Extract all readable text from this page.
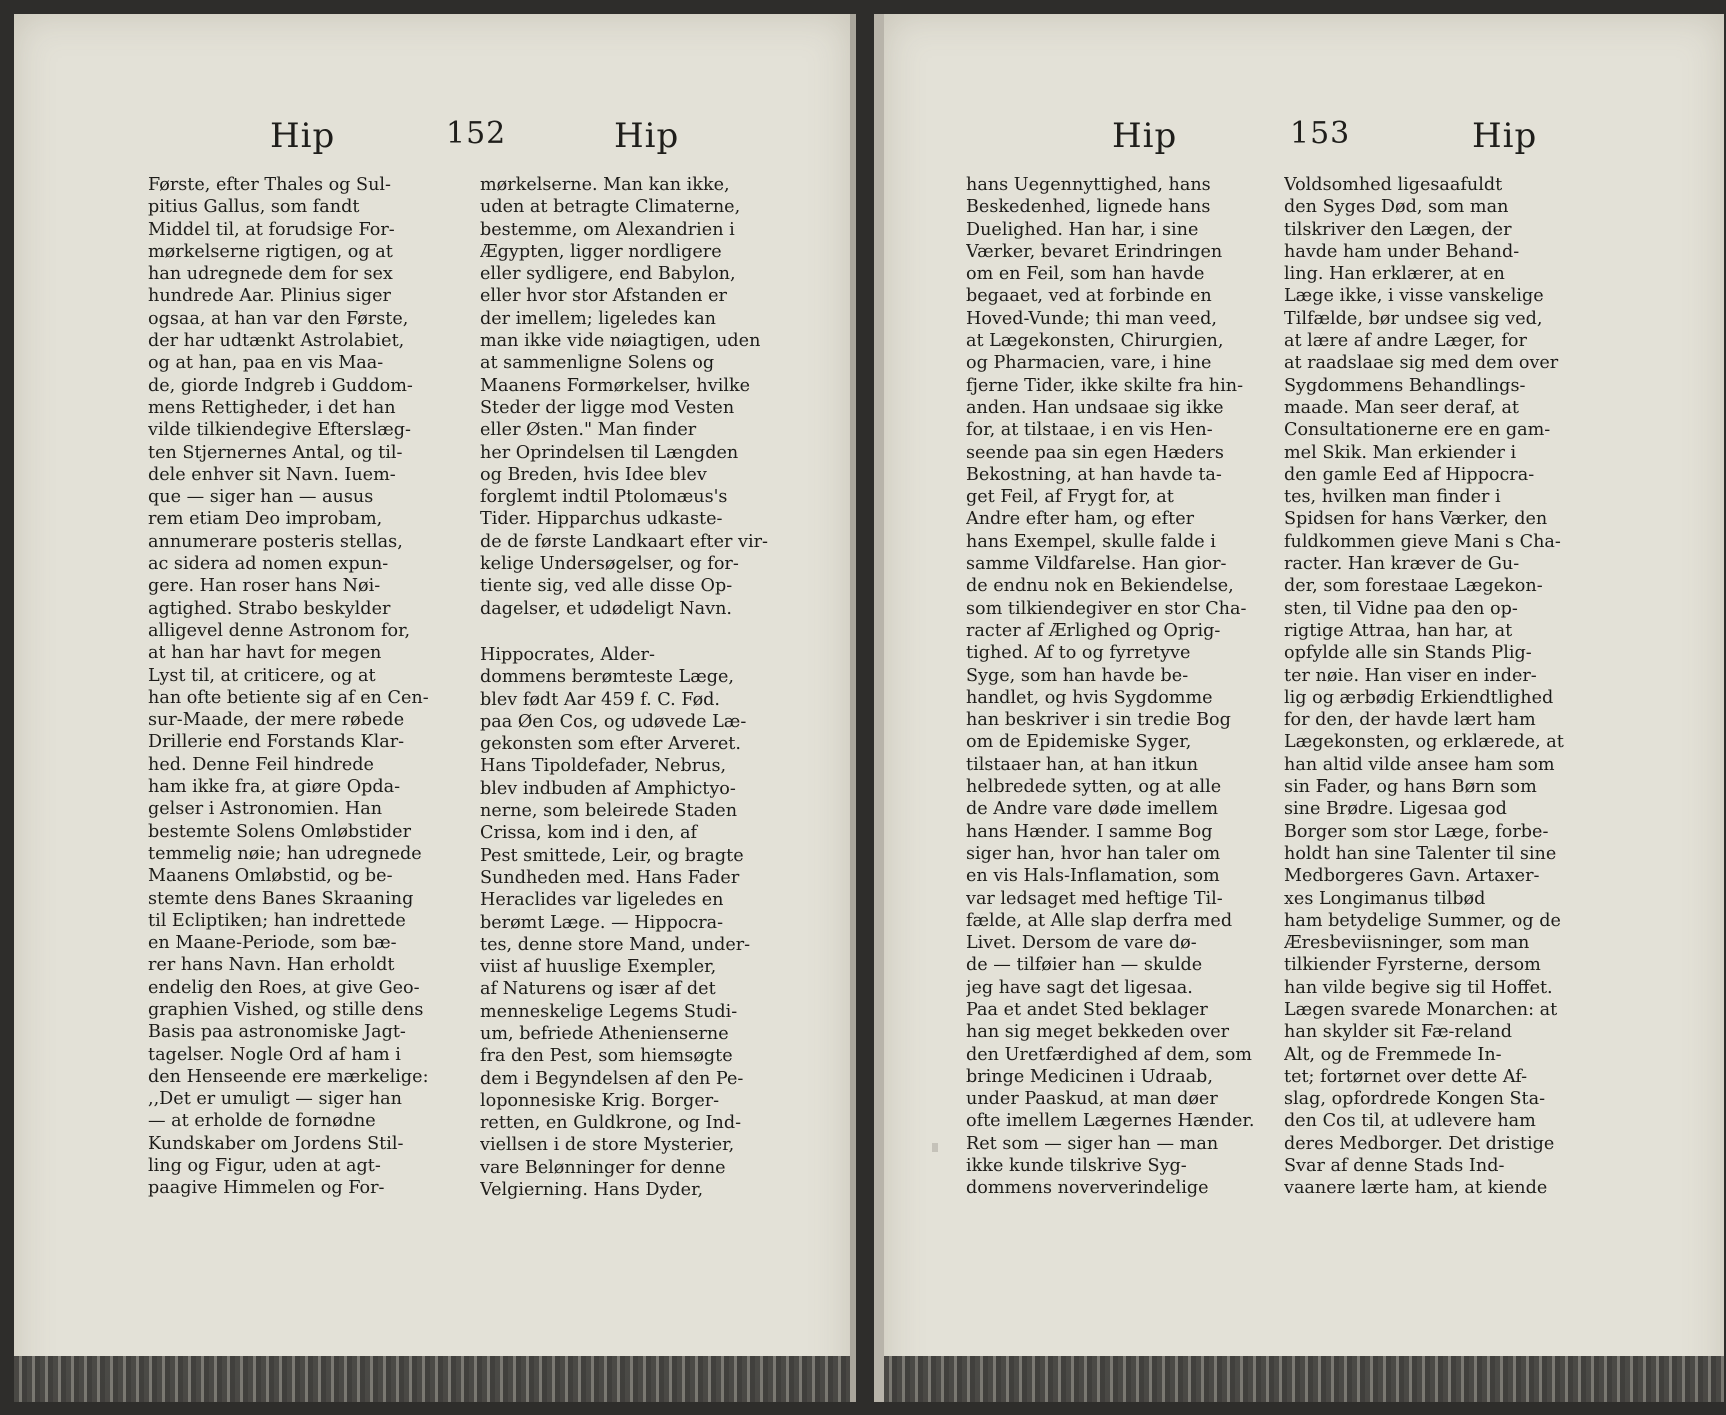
Hip	152	Hip
Første, efter Thales og Sul-
pitius Gallus, som fandt
Middel til, at forudsige For-
mørkelserne rigtigen, og at
han udregnede dem for sex
hundrede Aar. Plinius siger
ogsaa, at han var den Første,
der har udtænkt Astrolabiet,
og at han, paa en vis Maa-
de, giorde Indgreb i Guddom-
mens Rettigheder, i det han
vilde tilkiendegive Efterslæg-
ten Stjernernes Antal, og til-
dele enhver sit Navn. Iuem-
que — siger han — ausus
rem etiam Deo improbam,
annumerare posteris stellas,
ac sidera ad nomen expun-
gere. Han roser hans Nøi-
agtighed. Strabo beskylder
alligevel denne Astronom for,
at han har havt for megen
Lyst til, at criticere, og at
han ofte betiente sig af en Cen-
sur-Maade, der mere røbede
Drillerie end Forstands Klar-
hed. Denne Feil hindrede
ham ikke fra, at giøre Opda-
gelser i Astronomien. Han
bestemte Solens Omløbstider
temmelig nøie; han udregnede
Maanens Omløbstid, og be-
stemte dens Banes Skraaning
til Ecliptiken; han indrettede
en Maane-Periode, som bæ-
rer hans Navn. Han erholdt
endelig den Roes, at give Geo-
graphien Vished, og stille dens
Basis paa astronomiske Jagt-
tagelser. Nogle Ord af ham i
den Henseende ere mærkelige:
,,Det er umuligt — siger han
— at erholde de fornødne
Kundskaber om Jordens Stil-
ling og Figur, uden at agt-
paagive Himmelen og For-
mørkelserne. Man kan ikke,
uden at betragte Climaterne,
bestemme, om Alexandrien i
Ægypten, ligger nordligere
eller sydligere, end Babylon,
eller hvor stor Afstanden er
der imellem; ligeledes kan
man ikke vide nøiagtigen, uden
at sammenligne Solens og
Maanens Formørkelser, hvilke
Steder der ligge mod Vesten
eller Østen." Man finder
her Oprindelsen til Længden
og Breden, hvis Idee blev
forglemt indtil Ptolomæus's
Tider. Hipparchus udkaste-
de de første Landkaart efter vir-
kelige Undersøgelser, og for-
tiente sig, ved alle disse Op-
dagelser, et udødeligt Navn.
Hippocrates, Alder-
dommens berømteste Læge,
blev født Aar 459 f. C. Fød.
paa Øen Cos, og udøvede Læ-
gekonsten som efter Arveret.
Hans Tipoldefader, Nebrus,
blev indbuden af Amphictyo-
nerne, som beleirede Staden
Crissa, kom ind i den, af
Pest smittede, Leir, og bragte
Sundheden med. Hans Fader
Heraclides var ligeledes en
berømt Læge. — Hippocra-
tes, denne store Mand, under-
viist af huuslige Exempler,
af Naturens og især af det
menneskelige Legems Studi-
um, befriede Athenienserne
fra den Pest, som hiemsøgte
dem i Begyndelsen af den Pe-
loponnesiske Krig. Borger-
retten, en Guldkrone, og Ind-
viellsen i de store Mysterier,
vare Belønninger for denne
Velgierning. Hans Dyder,
Hip	153	Hip
hans Uegennyttighed, hans
Beskedenhed, lignede hans
Duelighed. Han har, i sine
Værker, bevaret Erindringen
om en Feil, som han havde
begaaet, ved at forbinde en
Hoved-Vunde; thi man veed,
at Lægekonsten, Chirurgien,
og Pharmacien, vare, i hine
fjerne Tider, ikke skilte fra hin-
anden. Han undsaae sig ikke
for, at tilstaae, i en vis Hen-
seende paa sin egen Hæders
Bekostning, at han havde ta-
get Feil, af Frygt for, at
Andre efter ham, og efter
hans Exempel, skulle falde i
samme Vildfarelse. Han gior-
de endnu nok en Bekiendelse,
som tilkiendegiver en stor Cha-
racter af Ærlighed og Oprig-
tighed. Af to og fyrretyve
Syge, som han havde be-
handlet, og hvis Sygdomme
han beskriver i sin tredie Bog
om de Epidemiske Syger,
tilstaaer han, at han itkun
helbredede sytten, og at alle
de Andre vare døde imellem
hans Hænder. I samme Bog
siger han, hvor han taler om
en vis Hals-Inflamation, som
var ledsaget med heftige Til-
fælde, at Alle slap derfra med
Livet. Dersom de vare dø-
de — tilføier han — skulde
jeg have sagt det ligesaa.
Paa et andet Sted beklager
han sig meget bekkeden over
den Uretfærdighed af dem, som
bringe Medicinen i Udraab,
under Paaskud, at man døer
ofte imellem Lægernes Hænder.
Ret som — siger han — man
ikke kunde tilskrive Syg-
dommens noververindelige
Voldsomhed ligesaafuldt
den Syges Død, som man
tilskriver den Lægen, der
havde ham under Behand-
ling. Han erklærer, at en
Læge ikke, i visse vanskelige
Tilfælde, bør undsee sig ved,
at lære af andre Læger, for
at raadslaae sig med dem over
Sygdommens Behandlings-
maade. Man seer deraf, at
Consultationerne ere en gam-
mel Skik. Man erkiender i
den gamle Eed af Hippocra-
tes, hvilken man finder i
Spidsen for hans Værker, den
fuldkommen gieve Mani s Cha-
racter. Han kræver de Gu-
der, som forestaae Lægekon-
sten, til Vidne paa den op-
rigtige Attraa, han har, at
opfylde alle sin Stands Plig-
ter nøie. Han viser en inder-
lig og ærbødig Erkiendtlighed
for den, der havde lært ham
Lægekonsten, og erklærede, at
han altid vilde ansee ham som
sin Fader, og hans Børn som
sine Brødre. Ligesaa god
Borger som stor Læge, forbe-
holdt han sine Talenter til sine
Medborgeres Gavn. Artaxer-
xes Longimanus tilbød
ham betydelige Summer, og de
Æresbeviisninger, som man
tilkiender Fyrsterne, dersom
han vilde begive sig til Hoffet.
Lægen svarede Monarchen: at
han skylder sit Fæ-reland
Alt, og de Fremmede In-
tet; fortørnet over dette Af-
slag, opfordrede Kongen Sta-
den Cos til, at udlevere ham
deres Medborger. Det dristige
Svar af denne Stads Ind-
vaanere lærte ham, at kiende
